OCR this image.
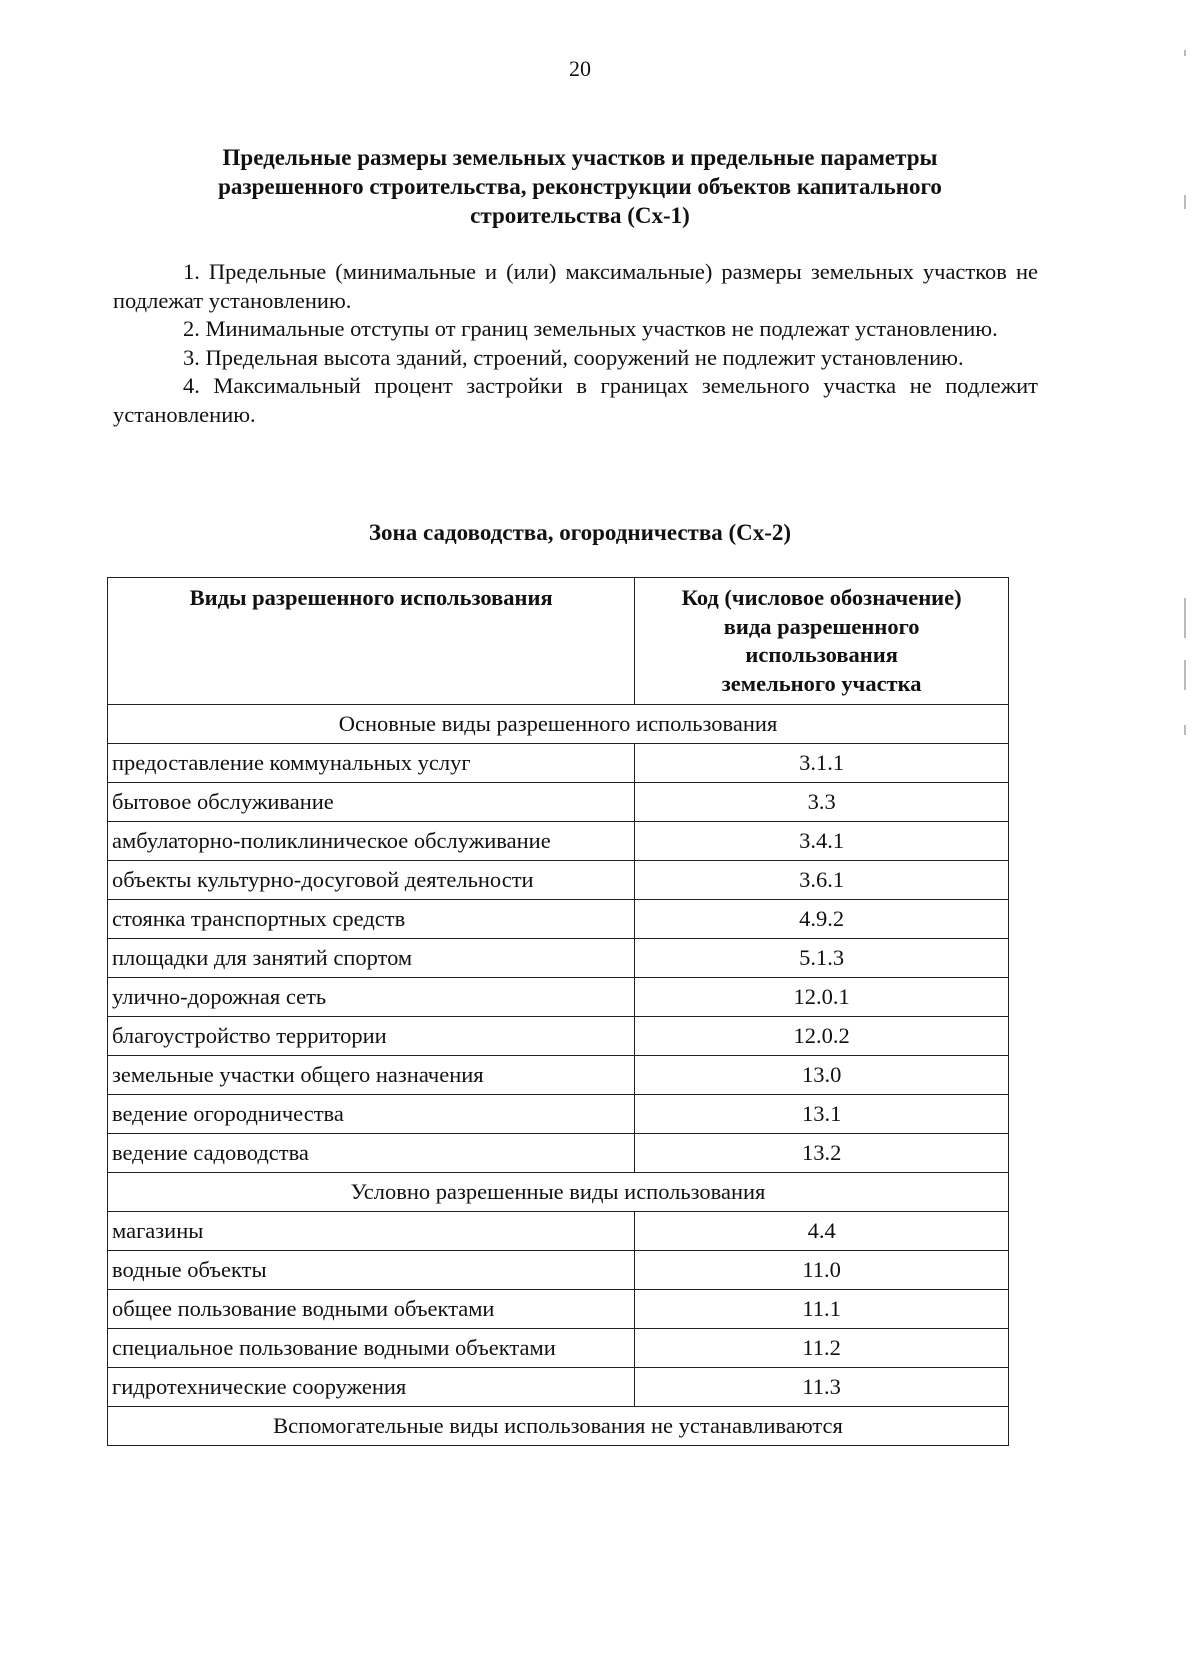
20
Предельные размеры земельных участков и предельные параметры
разрешенного строительства, реконструкции объектов капитального
строительства (Сх-1)

1. Предельные (минимальные и (или) максимальные) размеры земельных участков не подлежат установлению.

2. Минимальные отступы от границ земельных участков не подлежат установлению.

3. Предельная высота зданий, строений, сооружений не подлежит установлению.

4. Максимальный процент застройки в границах земельного участка не подлежит установлению.

Зона садоводства, огородничества (Сх-2)
Виды разрешенного использования	Код (числовое обозначение)
вида разрешенного
использования
земельного участка

Основные виды разрешенного использования	
предоставление коммунальных услуг	3.1.1
бытовое обслуживание	3.3
амбулаторно-поликлиническое обслуживание	3.4.1
объекты культурно-досуговой деятельности	3.6.1
стоянка транспортных средств	4.9.2
площадки для занятий спортом	5.1.3
улично-дорожная сеть	12.0.1
благоустройство территории	12.0.2
земельные участки общего назначения	13.0
ведение огородничества	13.1
ведение садоводства	13.2
Условно разрешенные виды использования	
магазины	4.4
водные объекты	11.0
общее пользование водными объектами	11.1
специальное пользование водными объектами	11.2
гидротехнические сооружения	11.3
Вспомогательные виды использования не устанавливаются	
